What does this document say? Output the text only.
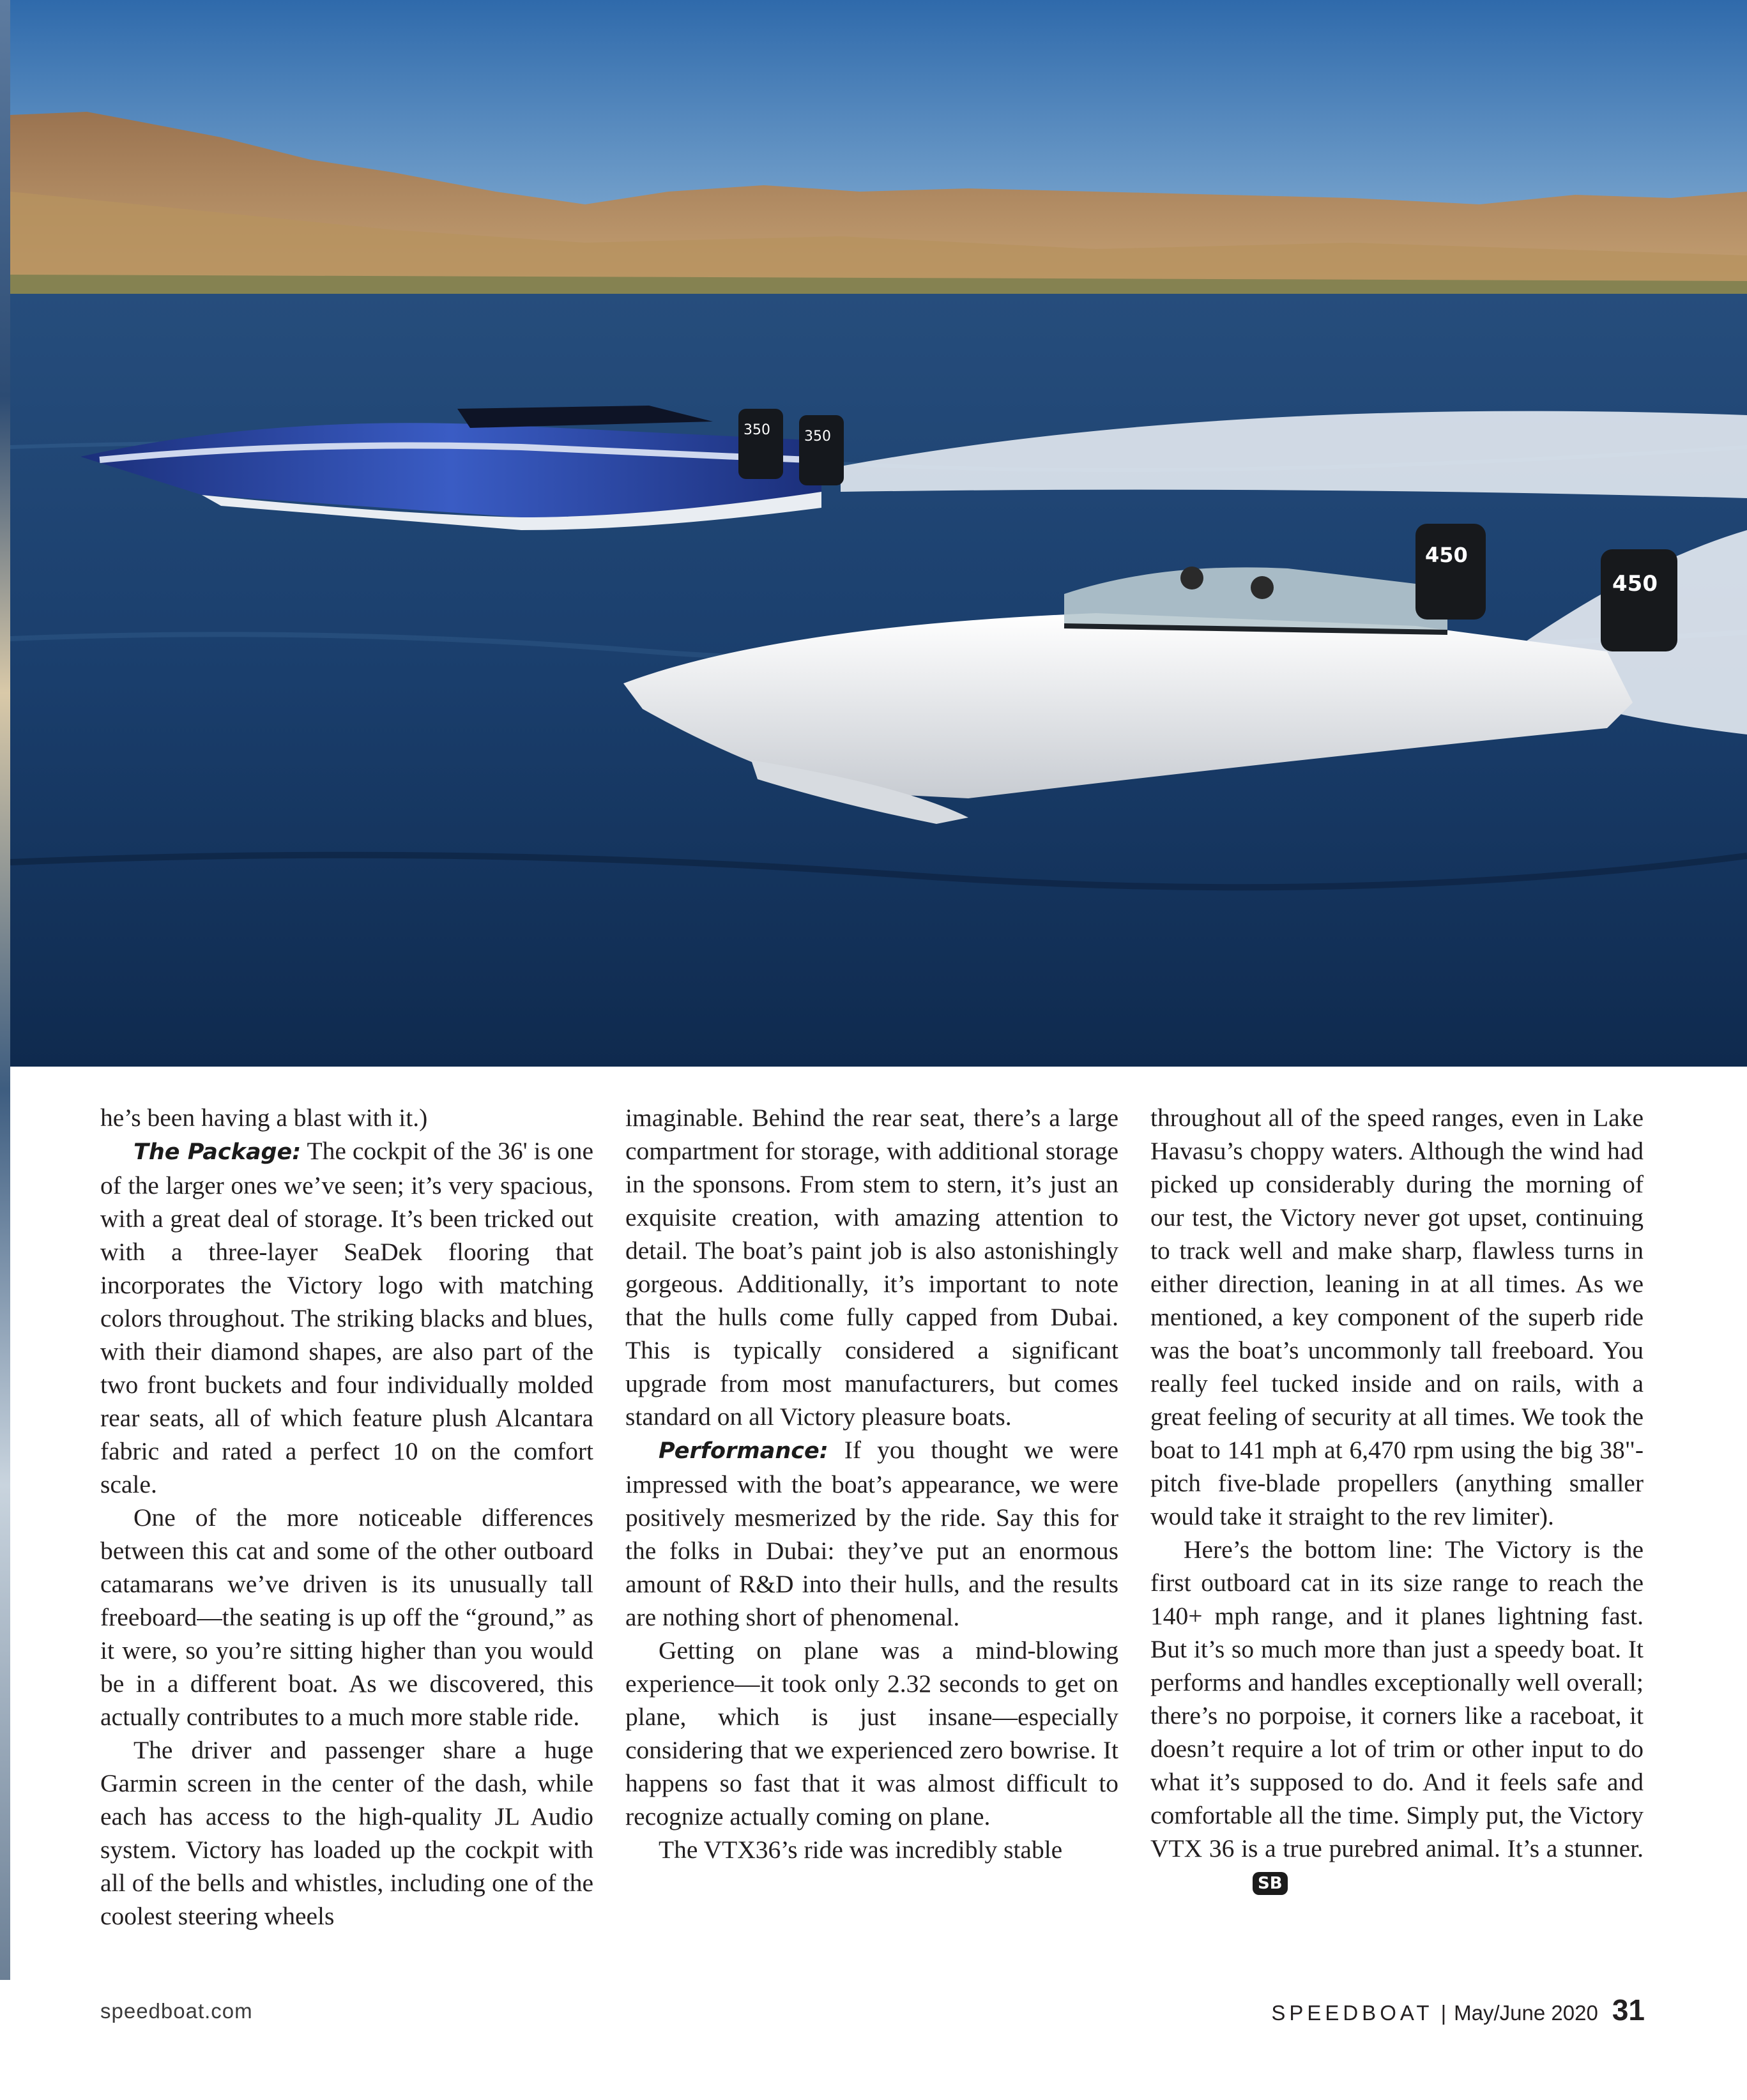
350 350
450
450

he’s been having a blast with it.)

The Package: The cockpit of the 36' is one of the larger ones we’ve seen; it’s very spacious, with a great deal of storage. It’s been tricked out with a three-layer SeaDek flooring that incorporates the Victory logo with matching colors throughout. The striking blacks and blues, with their diamond shapes, are also part of the two front buckets and four individually molded rear seats, all of which feature plush Alcantara fabric and rated a perfect 10 on the comfort scale.

One of the more noticeable differences between this cat and some of the other outboard catamarans we’ve driven is its unusually tall freeboard—the seating is up off the “ground,” as it were, so you’re sitting higher than you would be in a different boat. As we discovered, this actually contributes to a much more stable ride.

The driver and passenger share a huge Garmin screen in the center of the dash, while each has access to the high-quality JL Audio system. Victory has loaded up the cockpit with all of the bells and whistles, including one of the coolest steering wheels

imaginable. Behind the rear seat, there’s a large compartment for storage, with additional storage in the sponsons. From stem to stern, it’s just an exquisite creation, with amazing attention to detail. The boat’s paint job is also astonishingly gorgeous. Additionally, it’s important to note that the hulls come fully capped from Dubai. This is typically considered a significant upgrade from most manufacturers, but comes standard on all Victory pleasure boats.

Performance: If you thought we were impressed with the boat’s appearance, we were positively mesmerized by the ride. Say this for the folks in Dubai: they’ve put an enormous amount of R&D into their hulls, and the results are nothing short of phenomenal.

Getting on plane was a mind-blowing experience—it took only 2.32 seconds to get on plane, which is just insane—especially considering that we experienced zero bowrise. It happens so fast that it was almost difficult to recognize actually coming on plane.

The VTX36’s ride was incredibly stable

throughout all of the speed ranges, even in Lake Havasu’s choppy waters. Although the wind had picked up considerably during the morning of our test, the Victory never got upset, continuing to track well and make sharp, flawless turns in either direction, leaning in at all times. As we mentioned, a key component of the superb ride was the boat’s uncommonly tall freeboard. You really feel tucked inside and on rails, with a great feeling of security at all times. We took the boat to 141 mph at 6,470 rpm using the big 38"-pitch five-blade propellers (anything smaller would take it straight to the rev limiter).

Here’s the bottom line: The Victory is the first outboard cat in its size range to reach the 140+ mph range, and it planes lightning fast. But it’s so much more than just a speedy boat. It performs and handles exceptionally well overall; there’s no porpoise, it corners like a raceboat, it doesn’t require a lot of trim or other input to do what it’s supposed to do. And it feels safe and comfortable all the time. Simply put, the Victory VTX 36 is a true purebred animal. It’s a stunner.SB

speedboat.com	SPEEDBOAT | May/June 2020 31
